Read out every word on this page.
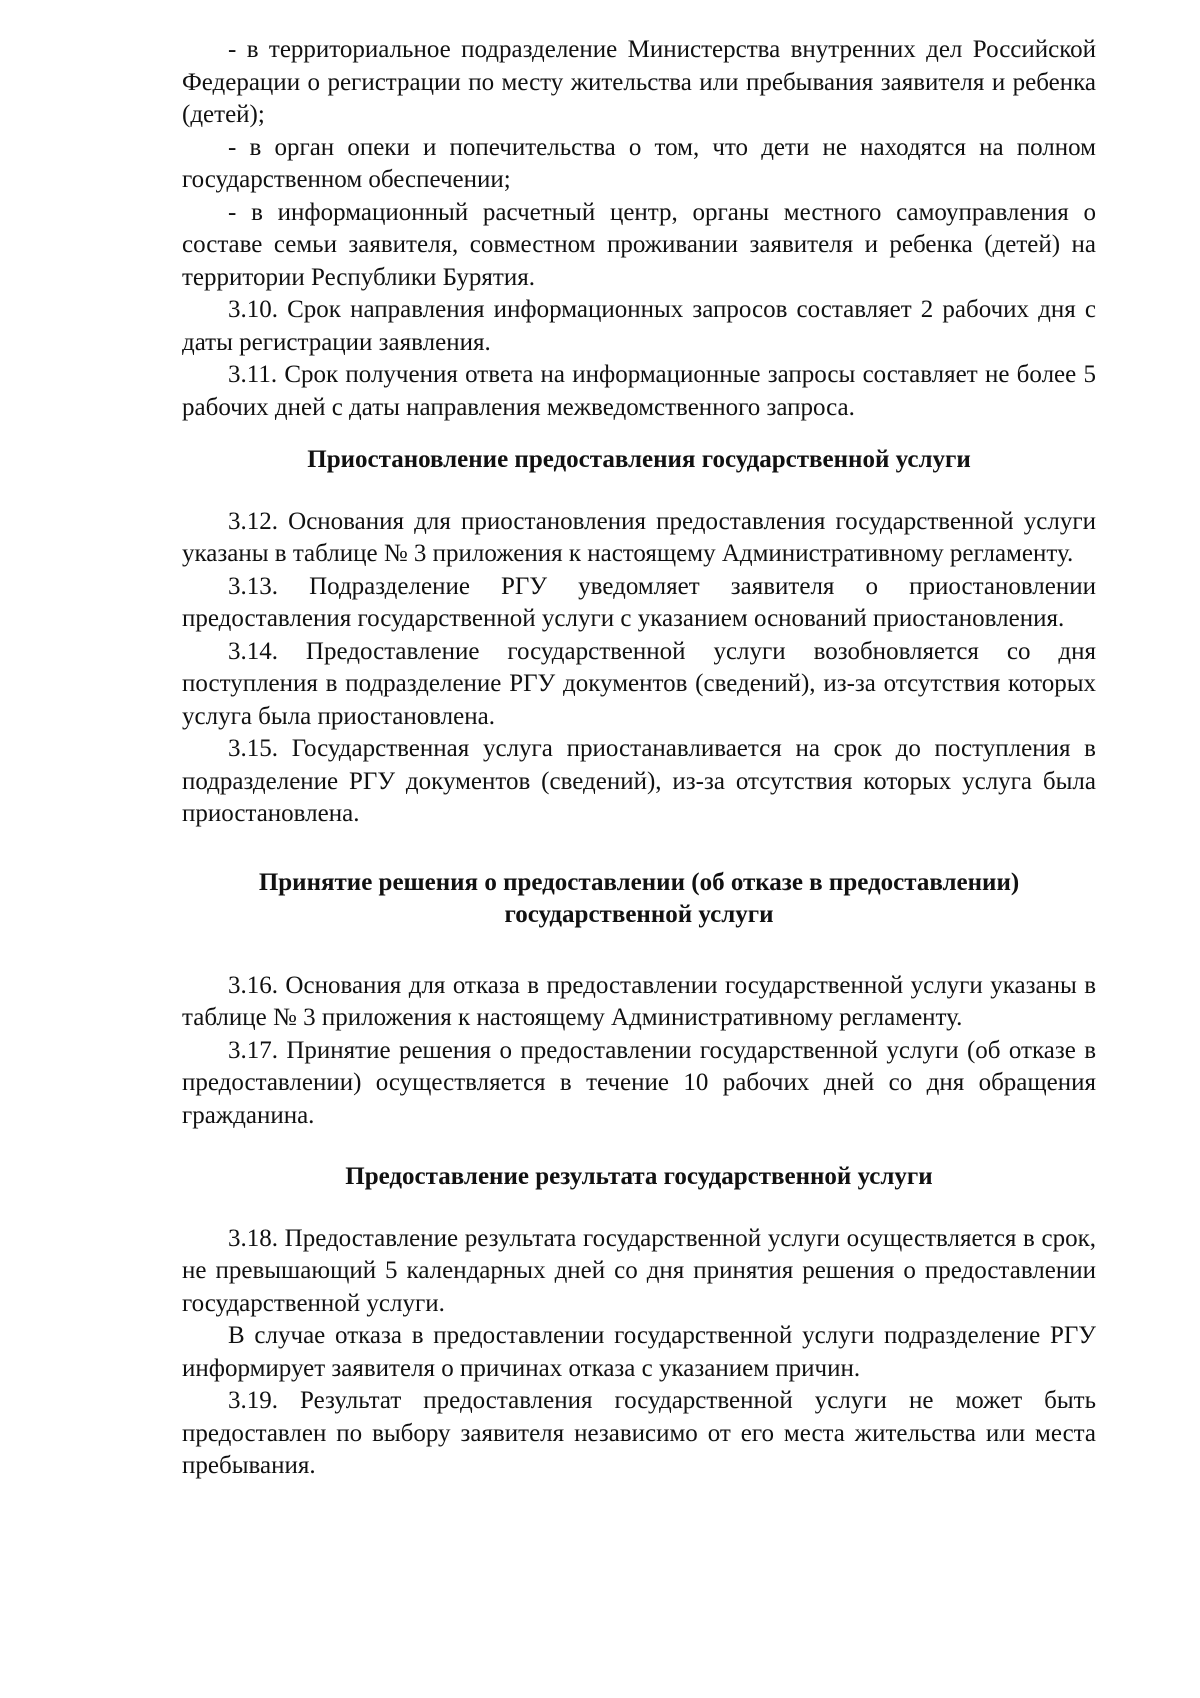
- в территориальное подразделение Министерства внутренних дел Российской Федерации о регистрации по месту жительства или пребывания заявителя и ребенка (детей);

- в орган опеки и попечительства о том, что дети не находятся на полном государственном обеспечении;

- в информационный расчетный центр, органы местного самоуправления о составе семьи заявителя, совместном проживании заявителя и ребенка (детей) на территории Республики Бурятия.

3.10. Срок направления информационных запросов составляет 2 рабочих дня с даты регистрации заявления.

3.11. Срок получения ответа на информационные запросы составляет не более 5 рабочих дней с даты направления межведомственного запроса.

Приостановление предоставления государственной услуги

3.12. Основания для приостановления предоставления государственной услуги указаны в таблице № 3 приложения к настоящему Административному регламенту.

3.13. Подразделение РГУ уведомляет заявителя о приостановлении предоставления государственной услуги с указанием оснований приостановления.

3.14. Предоставление государственной услуги возобновляется со дня поступления в подразделение РГУ документов (сведений), из-за отсутствия которых услуга была приостановлена.

3.15. Государственная услуга приостанавливается на срок до поступления в подразделение РГУ документов (сведений), из-за отсутствия которых услуга была приостановлена.

Принятие решения о предоставлении (об отказе в предоставлении)
государственной услуги

3.16. Основания для отказа в предоставлении государственной услуги указаны в таблице № 3 приложения к настоящему Административному регламенту.

3.17. Принятие решения о предоставлении государственной услуги (об отказе в предоставлении) осуществляется в течение 10 рабочих дней со дня обращения гражданина.

Предоставление результата государственной услуги

3.18. Предоставление результата государственной услуги осуществляется в срок, не превышающий 5 календарных дней со дня принятия решения о предоставлении государственной услуги.

В случае отказа в предоставлении государственной услуги подразделение РГУ информирует заявителя о причинах отказа с указанием причин.

3.19. Результат предоставления государственной услуги не может быть предоставлен по выбору заявителя независимо от его места жительства или места пребывания.
